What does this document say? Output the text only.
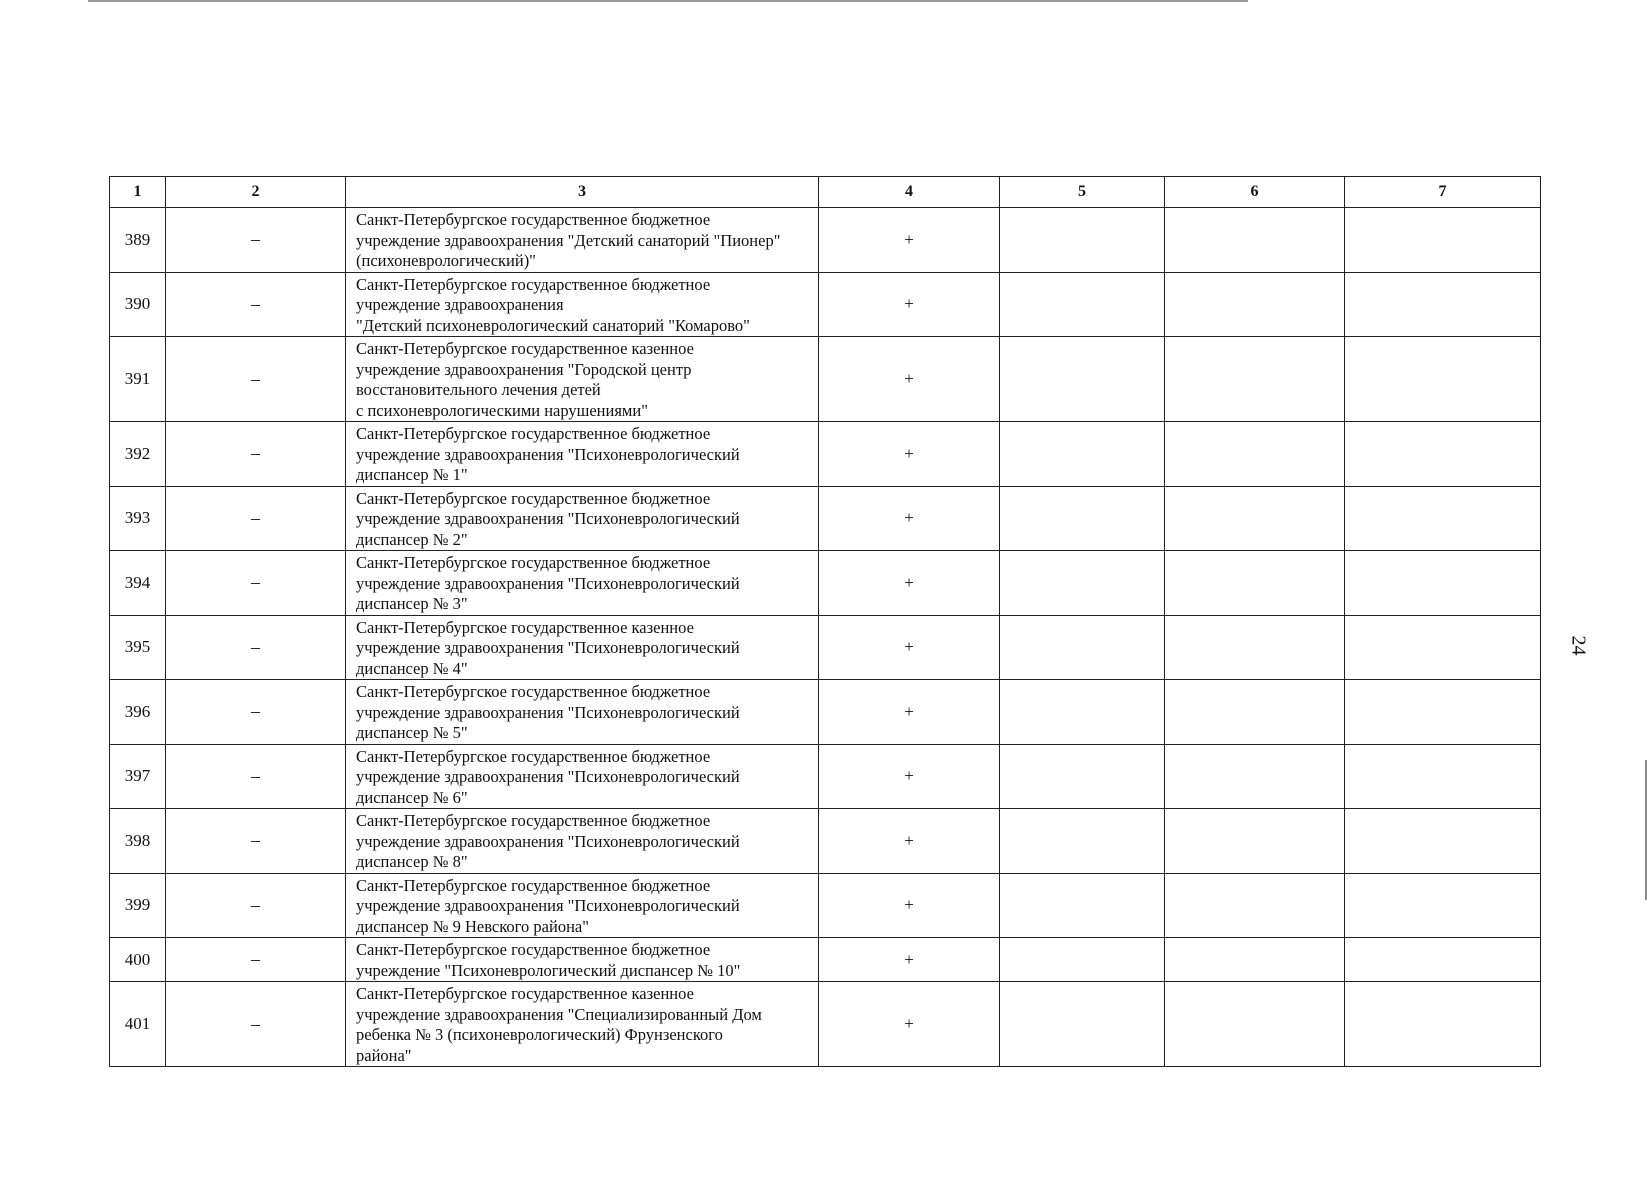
1	2	3	4	5	6	7
389	–	Санкт-Петербургское государственное бюджетное
учреждение здравоохранения "Детский санаторий "Пионер"
(психоневрологический)"	+			
390	–	Санкт-Петербургское государственное бюджетное
учреждение здравоохранения
"Детский психоневрологический санаторий "Комарово"	+			
391	–	Санкт-Петербургское государственное казенное
учреждение здравоохранения "Городской центр
восстановительного лечения детей
с психоневрологическими нарушениями"	+			
392	–	Санкт-Петербургское государственное бюджетное
учреждение здравоохранения "Психоневрологический
диспансер № 1"	+			
393	–	Санкт-Петербургское государственное бюджетное
учреждение здравоохранения "Психоневрологический
диспансер № 2"	+			
394	–	Санкт-Петербургское государственное бюджетное
учреждение здравоохранения "Психоневрологический
диспансер № 3"	+			
395	–	Санкт-Петербургское государственное казенное
учреждение здравоохранения "Психоневрологический
диспансер № 4"	+			
396	–	Санкт-Петербургское государственное бюджетное
учреждение здравоохранения "Психоневрологический
диспансер № 5"	+			
397	–	Санкт-Петербургское государственное бюджетное
учреждение здравоохранения "Психоневрологический
диспансер № 6"	+			
398	–	Санкт-Петербургское государственное бюджетное
учреждение здравоохранения "Психоневрологический
диспансер № 8"	+			
399	–	Санкт-Петербургское государственное бюджетное
учреждение здравоохранения "Психоневрологический
диспансер № 9 Невского района"	+			
400	–	Санкт-Петербургское государственное бюджетное
учреждение "Психоневрологический диспансер № 10"	+			
401	–	Санкт-Петербургское государственное казенное
учреждение здравоохранения "Специализированный Дом
ребенка № 3 (психоневрологический) Фрунзенского
района"	+			
24
